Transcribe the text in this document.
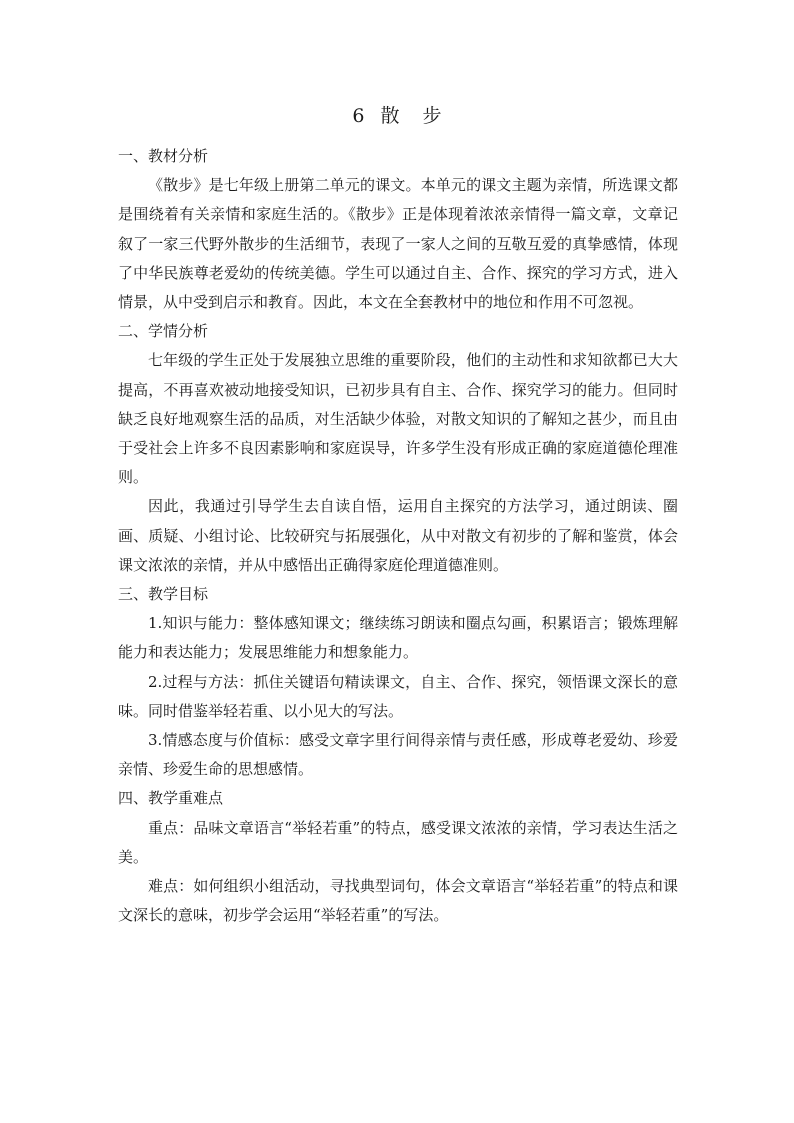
6 散　步

一、教材分析

《散步》是七年级上册第二单元的课文。本单元的课文主题为亲情，所选课文都是围绕着有关亲情和家庭生活的。《散步》正是体现着浓浓亲情得一篇文章，文章记叙了一家三代野外散步的生活细节，表现了一家人之间的互敬互爱的真挚感情，体现了中华民族尊老爱幼的传统美德。学生可以通过自主、合作、探究的学习方式，进入情景，从中受到启示和教育。因此，本文在全套教材中的地位和作用不可忽视。

二、学情分析

七年级的学生正处于发展独立思维的重要阶段，他们的主动性和求知欲都已大大提高，不再喜欢被动地接受知识，已初步具有自主、合作、探究学习的能力。但同时缺乏良好地观察生活的品质，对生活缺少体验，对散文知识的了解知之甚少，而且由于受社会上许多不良因素影响和家庭误导，许多学生没有形成正确的家庭道德伦理准则。

因此，我通过引导学生去自读自悟，运用自主探究的方法学习，通过朗读、圈画、质疑、小组讨论、比较研究与拓展强化，从中对散文有初步的了解和鉴赏，体会课文浓浓的亲情，并从中感悟出正确得家庭伦理道德准则。

三、教学目标

1.知识与能力：整体感知课文；继续练习朗读和圈点勾画，积累语言；锻炼理解能力和表达能力；发展思维能力和想象能力。

2.过程与方法：抓住关键语句精读课文，自主、合作、探究，领悟课文深长的意味。同时借鉴举轻若重、以小见大的写法。

3.情感态度与价值标：感受文章字里行间得亲情与责任感，形成尊老爱幼、珍爱亲情、珍爱生命的思想感情。

四、教学重难点

重点：品味文章语言“举轻若重”的特点，感受课文浓浓的亲情，学习表达生活之美。

难点：如何组织小组活动，寻找典型词句，体会文章语言“举轻若重”的特点和课文深长的意味，初步学会运用“举轻若重”的写法。
